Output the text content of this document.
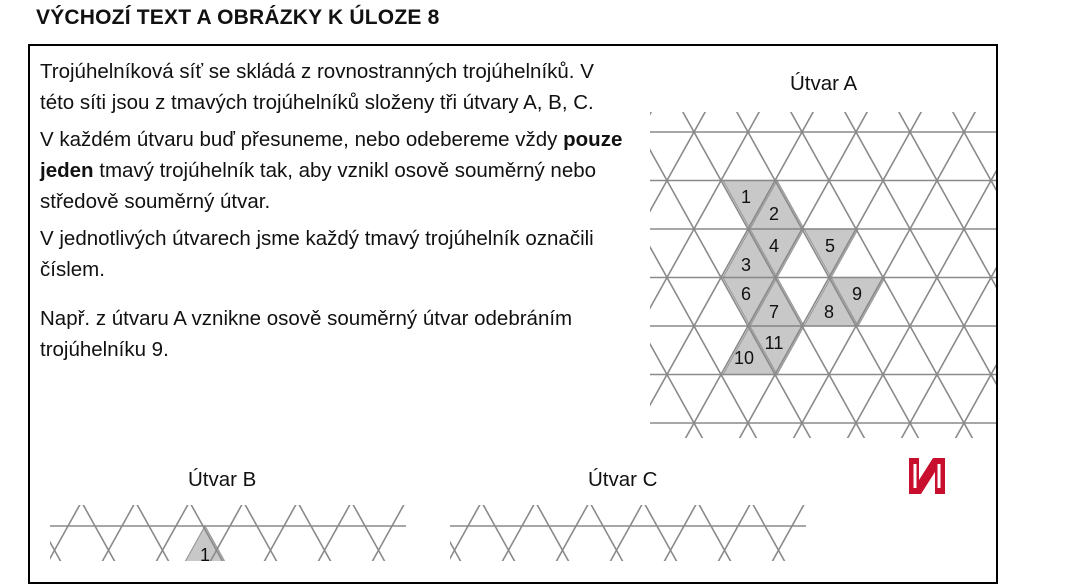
VÝCHOZÍ TEXT A OBRÁZKY K ÚLOZE 8

Trojúhelníková síť se skládá z rovnostranných trojúhelníků. V této síti jsou z tmavých trojúhelníků složeny tři útvary A, B, C.

V každém útvaru buď přesuneme, nebo odebereme vždy pouze jeden tmavý trojúhelník tak, aby vznikl osově souměrný nebo středově souměrný útvar.

V jednotlivých útvarech jsme každý tmavý trojúhelník označili číslem.

Např. z útvaru A vznikne osově souměrný útvar odebráním trojúhelníku 9.

Útvar A
Útvar B	Útvar C
1
2
3
4	5
6
7 8
9
10
11
1
